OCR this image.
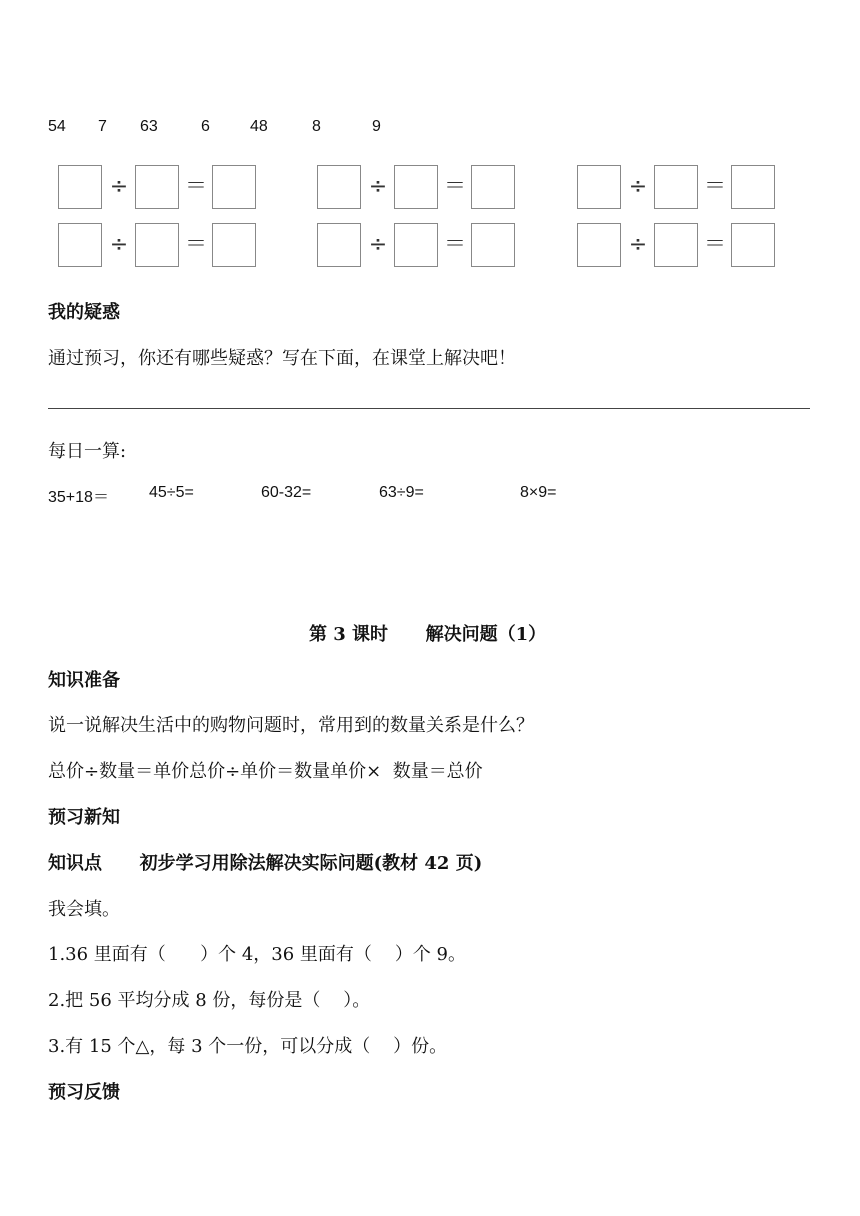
54 7 63	6	48	8	9
÷	＝	÷	＝	÷	＝
÷	＝	÷	＝	÷	＝
我的疑惑
通过预习，你还有哪些疑惑？写在下面，在课堂上解决吧！
每日一算:
35+18＝	45÷5=	60-32=	63÷9=	8×9=
第 3 课时      解决问题（1）
知识准备
说一说解决生活中的购物问题时，常用到的数量关系是什么？
总价÷数量＝单价总价÷单价＝数量单价×  数量＝总价
预习新知
知识点      初步学习用除法解决实际问题(教材 42 页)
我会填。
1.36 里面有（      ）个 4，36 里面有（    ）个 9。
2.把 56 平均分成 8 份，每份是（    ）。
3.有 15 个△，每 3 个一份，可以分成（    ）份。
预习反馈
